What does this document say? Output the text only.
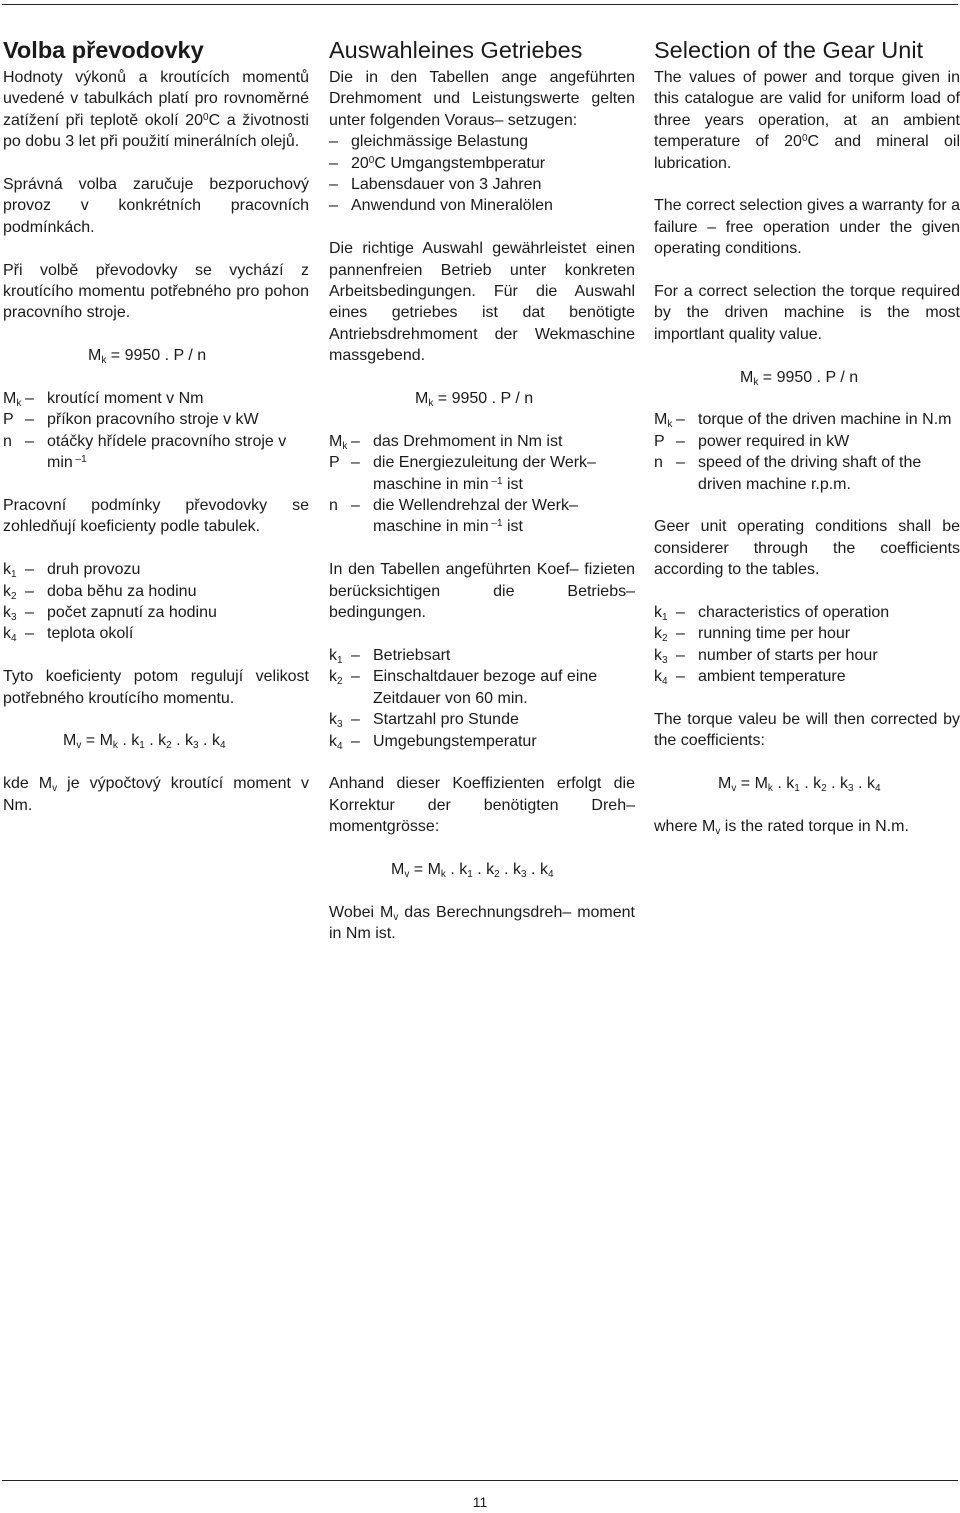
Volba převodovky
Hodnoty výkonů a kroutících momentů uvedené v tabulkách platí pro rovnoměrné zatížení při teplotě okolí $20^0C$ a životnosti po dobu 3 let při použití minerálních olejů.
Správná volba zaručuje bezporuchový provoz v konkrétních pracovních podmínkách.
Při volbě převodovky se vychází z kroutícího momentu potřebného pro pohon pracovního stroje.
$M_k = 9950$ . P / n
$M_k$ – kroutící moment v Nm
P – příkon pracovního stroje v kW
n – otáčky hřídele pracovního stroje v min $^{-1}$
Pracovní podmínky převodovky se zohledňují koeficienty podle tabulek.
$k_1$ – druh provozu
$k_2$ – doba běhu za hodinu
$k_3$ – počet zapnutí za hodinu
$k_4$ – teplota okolí
Tyto koeficienty potom regulují velikost potřebného kroutícího momentu.
$M_v = M_k$ . $k_1$ . $k_2$ . $k_3$ . $k_4$
kde $M_v$ je výpočtový kroutící moment v Nm.
Auswahleines Getriebes
Die in den Tabellen ange angeführten Drehmoment und Leistungswerte gelten unter folgenden Voraus– setzugen:
– gleichmässige Belastung
– $20^0C$ Umgangstembperatur
– Labensdauer von 3 Jahren
– Anwendund von Mineralölen
Die richtige Auswahl gewährleistet einen pannenfreien Betrieb unter konkreten Arbeitsbedingungen. Für die Auswahl eines getriebes ist dat benötigte Antriebsdrehmoment der Wekmaschine massgebend.
$M_k = 9950$ . P / n
$M_k$ – das Drehmoment in Nm ist
P – die Energiezuleitung der Werk– maschine in min $^{-1}$ ist
n – die Wellendrehzal der Werk– maschine in min $^{-1}$ ist
In den Tabellen angeführten Koef– fizieten berücksichtigen die Betriebs– bedingungen.
$k_1$ – Betriebsart
$k_2$ – Einschaltdauer bezoge auf eine Zeitdauer von 60 min.
$k_3$ – Startzahl pro Stunde
$k_4$ – Umgebungstemperatur
Anhand dieser Koeffizienten erfolgt die Korrektur der benötigten Dreh– momentgrösse:
$M_v = M_k$ . $k_1$ . $k_2$ . $k_3$ . $k_4$
Wobei $M_v$ das Berechnungsdreh– moment in Nm ist.
Selection of the Gear Unit
The values of power and torque given in this catalogue are valid for uniform load of three years operation, at an ambient temperature of $20^0C$ and mineral oil lubrication.
The correct selection gives a warranty for a failure – free operation under the given operating conditions.
For a correct selection the torque required by the driven machine is the most importlant quality value.
$M_k = 9950$ . P / n
$M_k$ – torque of the driven machine in N.m
P – power required in kW
n – speed of the driving shaft of the driven machine r.p.m.
Geer unit operating conditions shall be considerer through the coefficients according to the tables.
$k_1$ – characteristics of operation
$k_2$ – running time per hour
$k_3$ – number of starts per hour
$k_4$ – ambient temperature
The torque valeu be will then corrected by the coefficients:
$M_v = M_k$ . $k_1$ . $k_2$ . $k_3$ . $k_4$
where $M_v$ is the rated torque in N.m.
11
